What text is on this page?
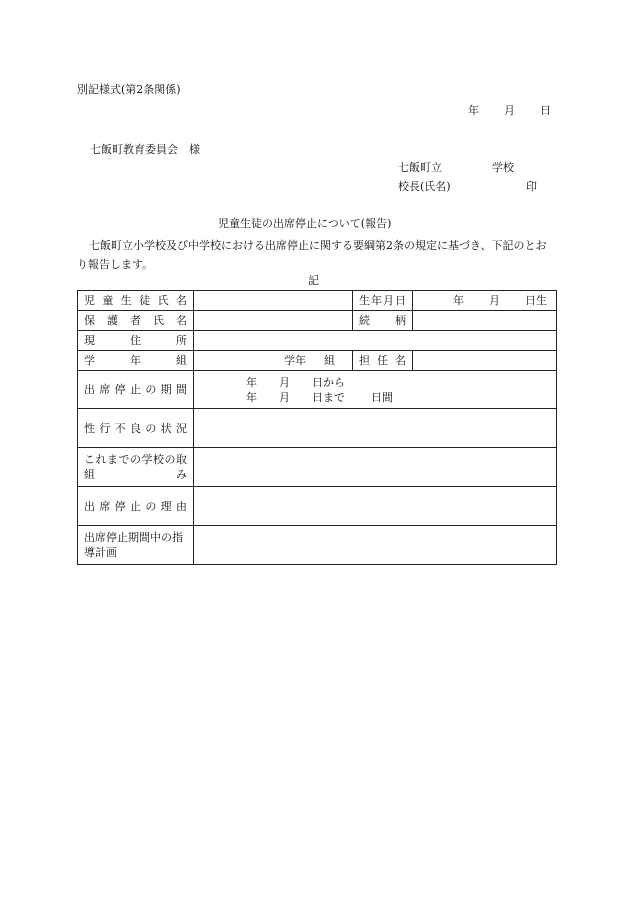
別記様式(第2条関係)
年 月 日
七飯町教育委員会　様
七飯町立	学校
校長(氏名)	印
児童生徒の出席停止について(報告)
七飯町立小学校及び中学校における出席停止に関する要綱第2条の規定に基づき、下記のとおり報告します。
記
児童生徒氏名		生年月日	年 月 日生
保護者氏名		続　柄	
現　住　所			
学年組	学年 組	担任名	
出席停止の期間	年　　月　　日から
年　　月　　日まで 日間		

性行不良の状況			
これまでの学校の取組み			
出席停止の理由			
出席停止期間中の指導計画			
